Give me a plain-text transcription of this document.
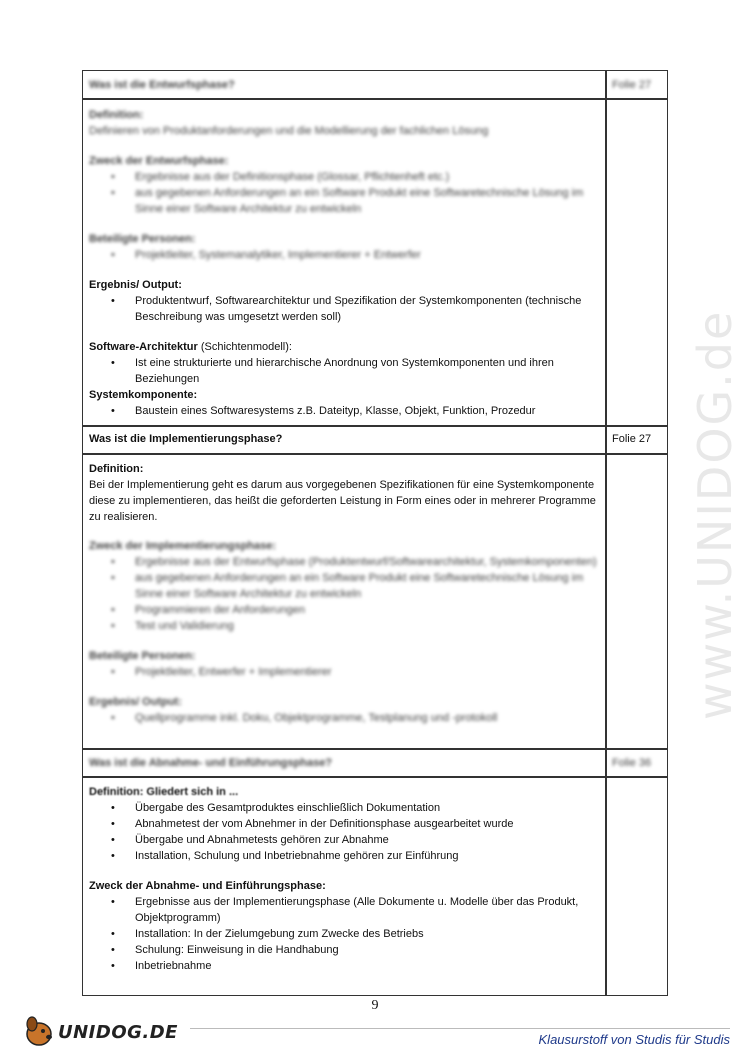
Was ist die Entwurfsphase?	Folie 27
Definition:
Definieren von Produktanforderungen und die Modellierung der fachlichen Lösung
Zweck der Entwurfsphase:
• Ergebnisse aus der Definitionsphase (Glossar, Pflichtenheft etc.)
• aus gegebenen Anforderungen an ein Software Produkt eine Softwaretechnische Lösung im Sinne einer Software Architektur zu entwickeln
Beteiligte Personen:
• Projektleiter, Systemanalytiker, Implementierer + Entwerfer
Ergebnis/ Output:
• Produktentwurf, Softwarearchitektur und Spezifikation der Systemkomponenten (technische Beschreibung was umgesetzt werden soll)
Software-Architektur (Schichtenmodell):
• Ist eine strukturierte und hierarchische Anordnung von Systemkomponenten und ihren Beziehungen
Systemkomponente:
• Baustein eines Softwaresystems z.B. Dateityp, Klasse, Objekt, Funktion, Prozedur
Was ist die Implementierungsphase?	Folie 27
Definition:
Bei der Implementierung geht es darum aus vorgegebenen Spezifikationen für eine Systemkomponente diese zu implementieren, das heißt die geforderten Leistung in Form eines oder in mehrerer Programme zu realisieren.
Zweck der Implementierungsphase:
• Ergebnisse aus der Entwurfsphase (Produktentwurf/Softwarearchitektur, Systemkomponenten)
• aus gegebenen Anforderungen an ein Software Produkt eine Softwaretechnische Lösung im Sinne einer Software Architektur zu entwickeln
• Programmieren der Anforderungen
• Test und Validierung
Beteiligte Personen:
• Projektleiter, Entwerfer + Implementierer
Ergebnis/ Output:
• Quellprogramme inkl. Doku, Objektprogramme, Testplanung und -protokoll
Was ist die Abnahme- und Einführungsphase?	Folie 36
Definition: Gliedert sich in ...
• Übergabe des Gesamtproduktes einschließlich Dokumentation
• Abnahmetest der vom Abnehmer in der Definitionsphase ausgearbeitet wurde
• Übergabe und Abnahmetests gehören zur Abnahme
• Installation, Schulung und Inbetriebnahme gehören zur Einführung
Zweck der Abnahme- und Einführungsphase:
• Ergebnisse aus der Implementierungsphase (Alle Dokumente u. Modelle über das Produkt, Objektprogramm)
• Installation: In der Zielumgebung zum Zwecke des Betriebs
• Schulung: Einweisung in die Handhabung
• Inbetriebnahme
9
www.UNIDOG.de
UNIDOG.DE	Klausurstoff von Studis für Studis
